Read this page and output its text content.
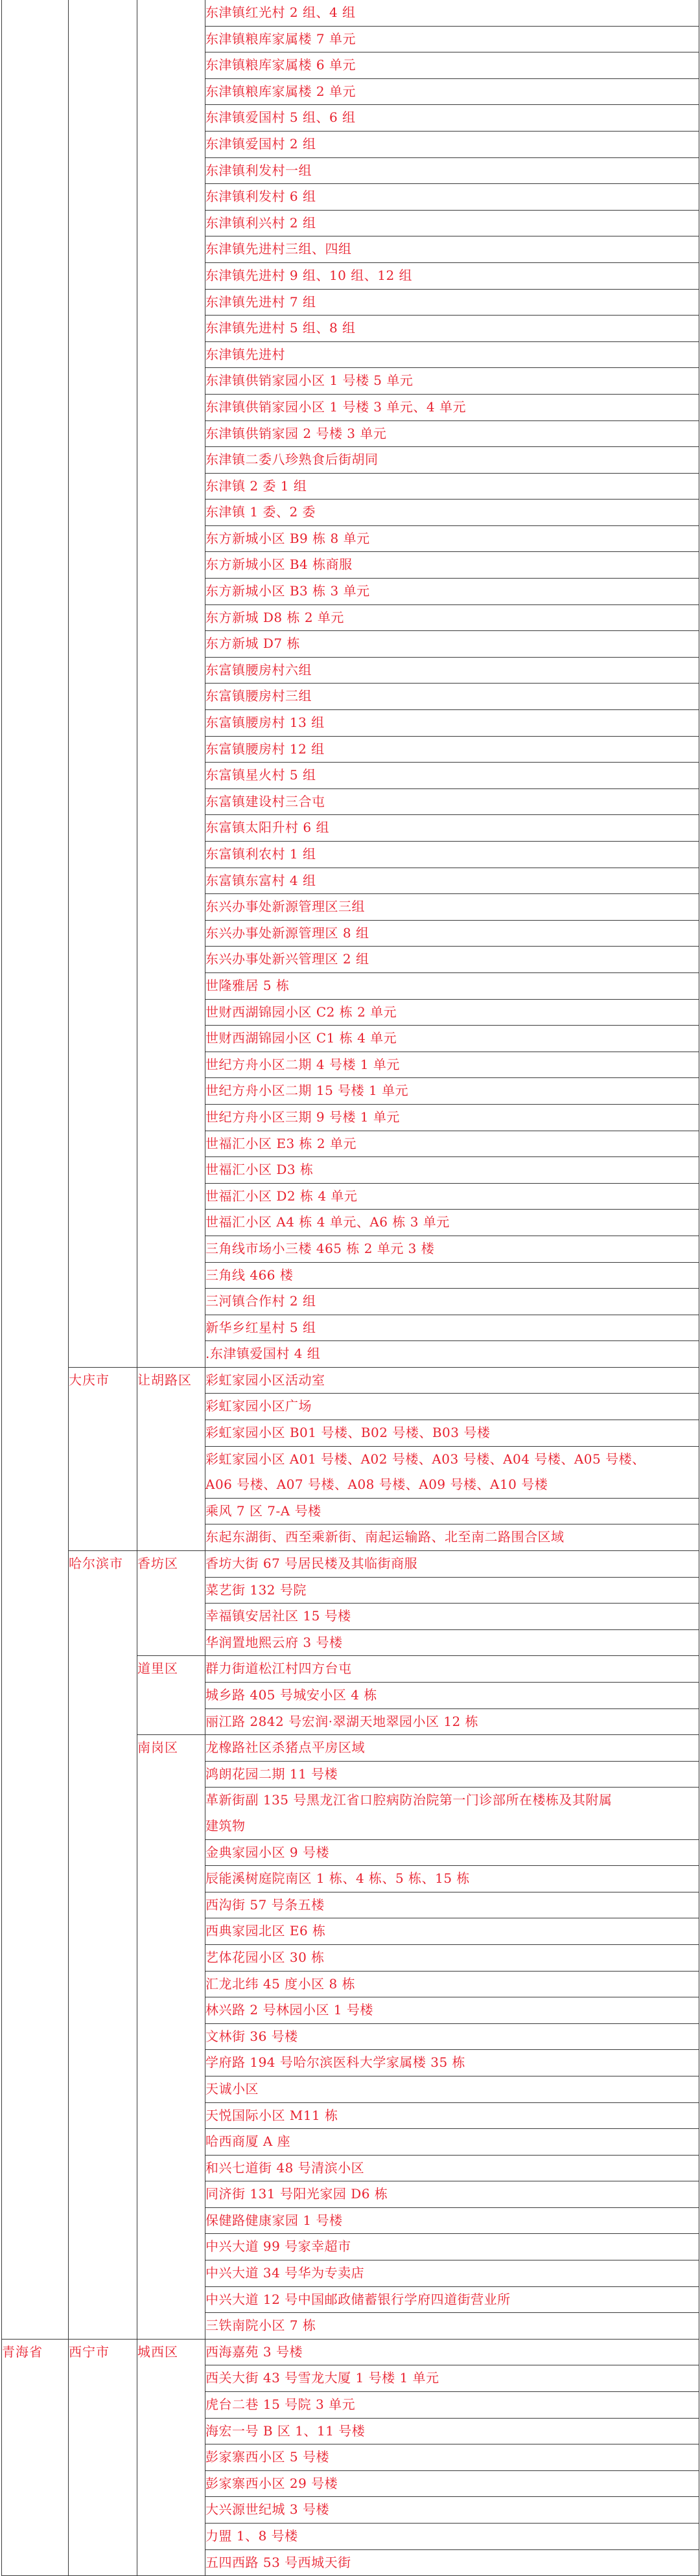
			东津镇红光村 2 组、4 组
			东津镇粮库家属楼 7 单元
			东津镇粮库家属楼 6 单元
			东津镇粮库家属楼 2 单元
			东津镇爱国村 5 组、6 组
			东津镇爱国村 2 组
			东津镇利发村一组
			东津镇利发村 6 组
			东津镇利兴村 2 组
			东津镇先进村三组、四组
			东津镇先进村 9 组、10 组、12 组
			东津镇先进村 7 组
			东津镇先进村 5 组、8 组
			东津镇先进村
			东津镇供销家园小区 1 号楼 5 单元
			东津镇供销家园小区 1 号楼 3 单元、4 单元
			东津镇供销家园 2 号楼 3 单元
			东津镇二委八珍熟食后街胡同
			东津镇 2 委 1 组
			东津镇 1 委、2 委
			东方新城小区 B9 栋 8 单元
			东方新城小区 B4 栋商服
			东方新城小区 B3 栋 3 单元
			东方新城 D8 栋 2 单元
			东方新城 D7 栋
			东富镇腰房村六组
			东富镇腰房村三组
			东富镇腰房村 13 组
			东富镇腰房村 12 组
			东富镇星火村 5 组
			东富镇建设村三合屯
			东富镇太阳升村 6 组
			东富镇利农村 1 组
			东富镇东富村 4 组
			东兴办事处新源管理区三组
			东兴办事处新源管理区 8 组
			东兴办事处新兴管理区 2 组
			世隆雅居 5 栋
			世财西湖锦园小区 C2 栋 2 单元
			世财西湖锦园小区 C1 栋 4 单元
			世纪方舟小区二期 4 号楼 1 单元
			世纪方舟小区二期 15 号楼 1 单元
			世纪方舟小区三期 9 号楼 1 单元
			世福汇小区 E3 栋 2 单元
			世福汇小区 D3 栋
			世福汇小区 D2 栋 4 单元
			世福汇小区 A4 栋 4 单元、A6 栋 3 单元
			三角线市场小三楼 465 栋 2 单元 3 楼
			三角线 466 楼
			三河镇合作村 2 组
			新华乡红星村 5 组
			.东津镇爱国村 4 组
	大庆市	让胡路区	彩虹家园小区活动室
			彩虹家园小区广场
			彩虹家园小区 B01 号楼、B02 号楼、B03 号楼

			彩虹家园小区 A01 号楼、A02 号楼、A03 号楼、A04 号楼、A05 号楼、
A06 号楼、A07 号楼、A08 号楼、A09 号楼、A10 号楼

			乘风 7 区 7-A 号楼
			东起东湖街、西至乘新街、南起运输路、北至南二路围合区域
	哈尔滨市	香坊区	香坊大街 67 号居民楼及其临街商服
			菜艺街 132 号院
			幸福镇安居社区 15 号楼
			华润置地熙云府 3 号楼
		道里区	群力街道松江村四方台屯
			城乡路 405 号城安小区 4 栋
			丽江路 2842 号宏润·翠湖天地翠园小区 12 栋
		南岗区	龙橡路社区杀猪点平房区域
			鸿朗花园二期 11 号楼

			革新街副 135 号黑龙江省口腔病防治院第一门诊部所在楼栋及其附属
建筑物

			金典家园小区 9 号楼
			辰能溪树庭院南区 1 栋、4 栋、5 栋、15 栋
			西沟街 57 号条五楼
			西典家园北区 E6 栋
			艺体花园小区 30 栋
			汇龙北纬 45 度小区 8 栋
			林兴路 2 号林园小区 1 号楼
			文林街 36 号楼
			学府路 194 号哈尔滨医科大学家属楼 35 栋
			天诚小区
			天悦国际小区 M11 栋
			哈西商厦 A 座
			和兴七道街 48 号清滨小区
			同济街 131 号阳光家园 D6 栋
			保健路健康家园 1 号楼
			中兴大道 99 号家幸超市
			中兴大道 34 号华为专卖店
			中兴大道 12 号中国邮政储蓄银行学府四道街营业所
			三铁南院小区 7 栋
青海省	西宁市	城西区	西海嘉苑 3 号楼
			西关大街 43 号雪龙大厦 1 号楼 1 单元
			虎台二巷 15 号院 3 单元
			海宏一号 B 区 1、11 号楼
			彭家寨西小区 5 号楼
			彭家寨西小区 29 号楼
			大兴源世纪城 3 号楼
			力盟 1、8 号楼
			五四西路 53 号西城天街
